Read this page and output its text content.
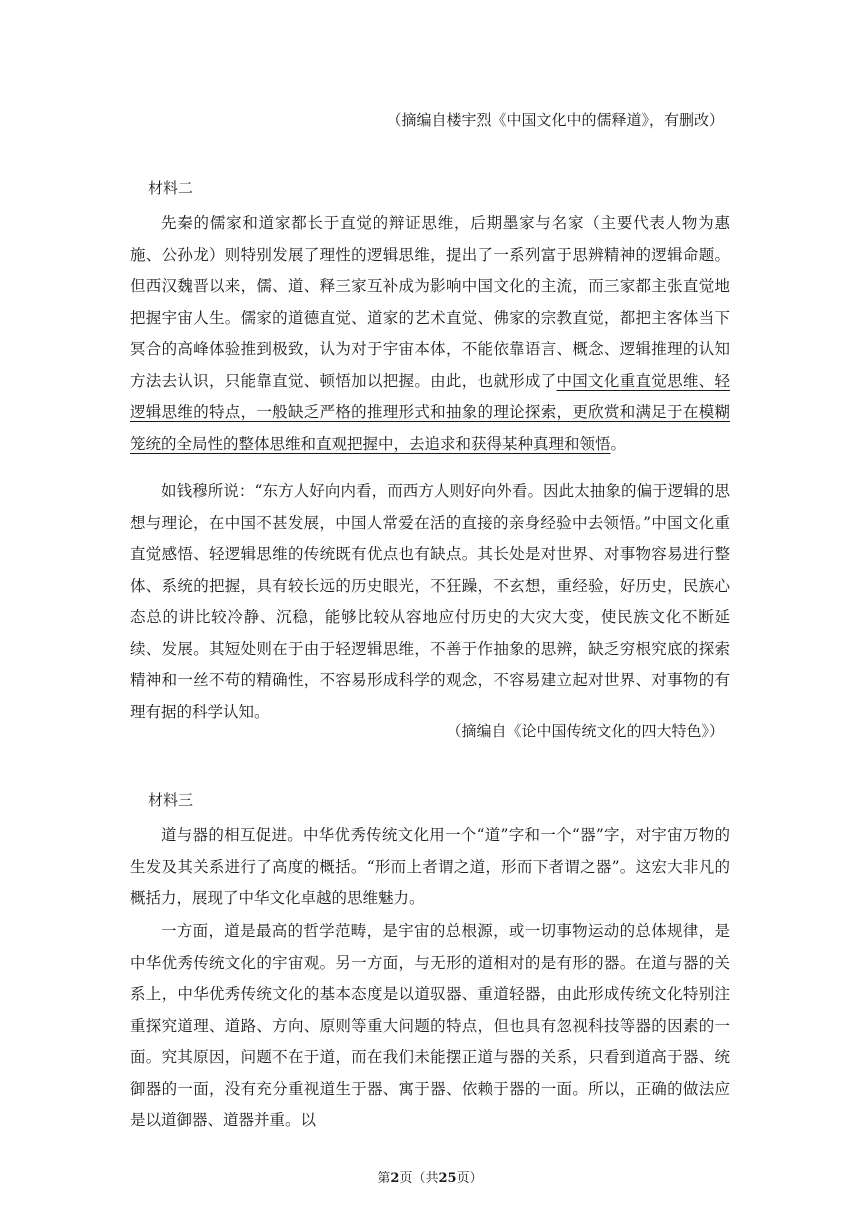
（摘编自楼宇烈《中国文化中的儒释道》，有删改）
材料二

先秦的儒家和道家都长于直觉的辩证思维，后期墨家与名家（主要代表人物为惠施、公孙龙）则特别发展了理性的逻辑思维，提出了一系列富于思辨精神的逻辑命题。但西汉魏晋以来，儒、道、释三家互补成为影响中国文化的主流，而三家都主张直觉地把握宇宙人生。儒家的道德直觉、道家的艺术直觉、佛家的宗教直觉，都把主客体当下冥合的高峰体验推到极致，认为对于宇宙本体，不能依靠语言、概念、逻辑推理的认知方法去认识，只能靠直觉、顿悟加以把握。由此，也就形成了中国文化重直觉思维、轻逻辑思维的特点，一般缺乏严格的推理形式和抽象的理论探索，更欣赏和满足于在模糊笼统的全局性的整体思维和直观把握中，去追求和获得某种真理和领悟。

如钱穆所说：“东方人好向内看，而西方人则好向外看。因此太抽象的偏于逻辑的思想与理论，在中国不甚发展，中国人常爱在活的直接的亲身经验中去领悟。”中国文化重直觉感悟、轻逻辑思维的传统既有优点也有缺点。其长处是对世界、对事物容易进行整体、系统的把握，具有较长远的历史眼光，不狂躁，不玄想，重经验，好历史，民族心态总的讲比较冷静、沉稳，能够比较从容地应付历史的大灾大变，使民族文化不断延续、发展。其短处则在于由于轻逻辑思维，不善于作抽象的思辨，缺乏穷根究底的探索精神和一丝不苟的精确性，不容易形成科学的观念，不容易建立起对世界、对事物的有理有据的科学认知。

（摘编自《论中国传统文化的四大特色》）
材料三

道与器的相互促进。中华优秀传统文化用一个“道”字和一个“器”字，对宇宙万物的生发及其关系进行了高度的概括。“形而上者谓之道，形而下者谓之器”。这宏大非凡的概括力，展现了中华文化卓越的思维魅力。

一方面，道是最高的哲学范畴，是宇宙的总根源，或一切事物运动的总体规律，是中华优秀传统文化的宇宙观。另一方面，与无形的道相对的是有形的器。在道与器的关系上，中华优秀传统文化的基本态度是以道驭器、重道轻器，由此形成传统文化特别注重探究道理、道路、方向、原则等重大问题的特点，但也具有忽视科技等器的因素的一面。究其原因，问题不在于道，而在我们未能摆正道与器的关系，只看到道高于器、统御器的一面，没有充分重视道生于器、寓于器、依赖于器的一面。所以，正确的做法应是以道御器、道器并重。以

第2页（共25页）
